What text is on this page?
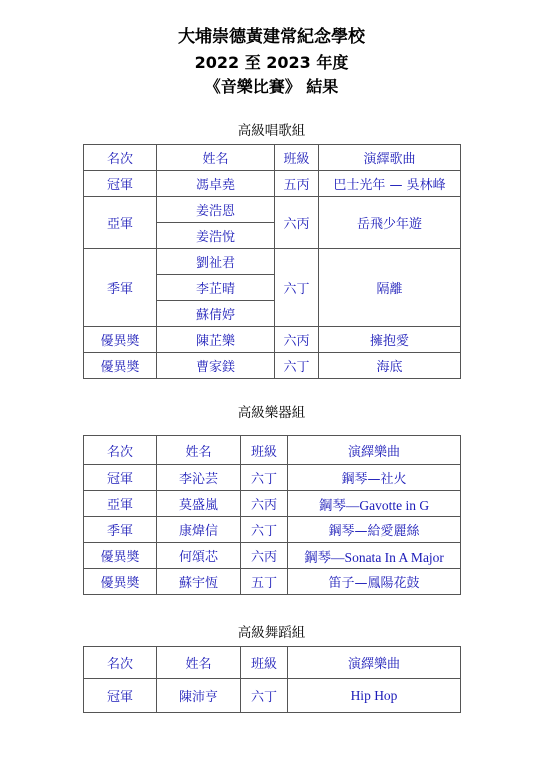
大埔崇德黃建常紀念學校
2022 至 2023 年度
《音樂比賽》 結果
高級唱歌組
名次	姓名	班級	演繹歌曲
冠軍	馮卓堯	五丙	巴士光年 — 吳林峰
亞軍	姜浩恩	六丙	岳飛少年遊
	姜浩悅		
季軍	劉祉君	六丁	隔離
	李芷晴		
	蘇倩婷		
優異奬	陳芷樂	六丙	擁抱愛
優異奬	曹家鎂	六丁	海底
高級樂器組
名次	姓名	班級	演繹樂曲
冠軍	李沁芸	六丁	鋼琴—社火
亞軍	莫盛嵐	六丙	鋼琴—Gavotte in G
季軍	康煒信	六丁	鋼琴—給愛麗絲
優異奬	何頌芯	六丙	鋼琴—Sonata In A Major
優異奬	蘇宇恆	五丁	笛子—鳳陽花鼓
高級舞蹈組
名次	姓名	班級	演繹樂曲
冠軍	陳沛亨	六丁	Hip Hop
